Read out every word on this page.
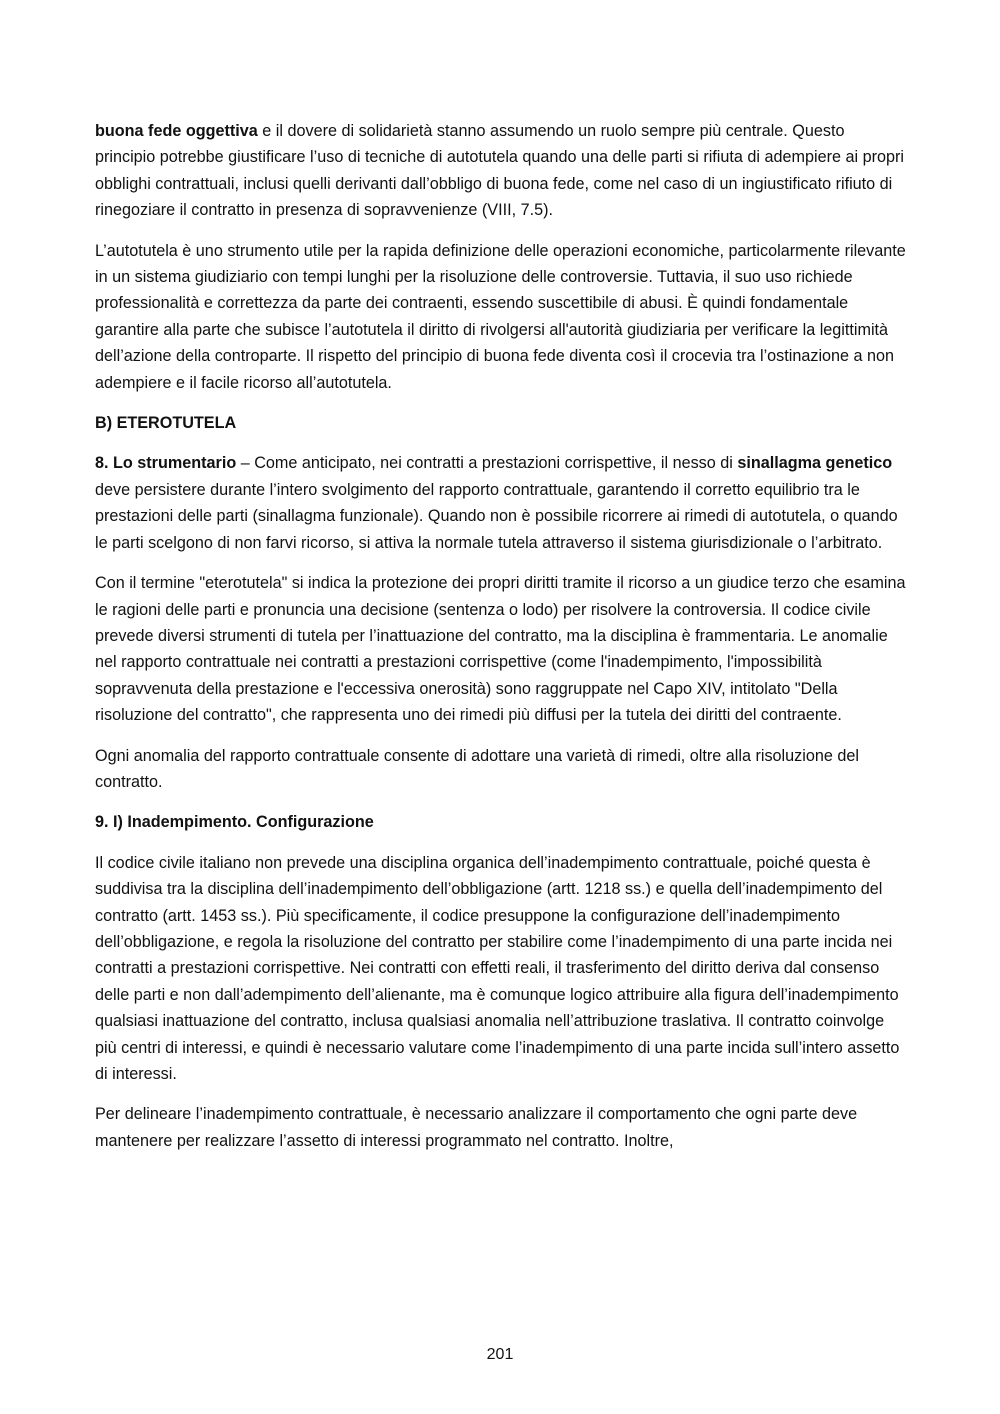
buona fede oggettiva e il dovere di solidarietà stanno assumendo un ruolo sempre più centrale. Questo principio potrebbe giustificare l’uso di tecniche di autotutela quando una delle parti si rifiuta di adempiere ai propri obblighi contrattuali, inclusi quelli derivanti dall’obbligo di buona fede, come nel caso di un ingiustificato rifiuto di rinegoziare il contratto in presenza di sopravvenienze (VIII, 7.5).

L’autotutela è uno strumento utile per la rapida definizione delle operazioni economiche, particolarmente rilevante in un sistema giudiziario con tempi lunghi per la risoluzione delle controversie. Tuttavia, il suo uso richiede professionalità e correttezza da parte dei contraenti, essendo suscettibile di abusi. È quindi fondamentale garantire alla parte che subisce l’autotutela il diritto di rivolgersi all'autorità giudiziaria per verificare la legittimità dell’azione della controparte. Il rispetto del principio di buona fede diventa così il crocevia tra l’ostinazione a non adempiere e il facile ricorso all’autotutela.

B) ETEROTUTELA

8. Lo strumentario – Come anticipato, nei contratti a prestazioni corrispettive, il nesso di sinallagma genetico deve persistere durante l’intero svolgimento del rapporto contrattuale, garantendo il corretto equilibrio tra le prestazioni delle parti (sinallagma funzionale). Quando non è possibile ricorrere ai rimedi di autotutela, o quando le parti scelgono di non farvi ricorso, si attiva la normale tutela attraverso il sistema giurisdizionale o l’arbitrato.

Con il termine "eterotutela" si indica la protezione dei propri diritti tramite il ricorso a un giudice terzo che esamina le ragioni delle parti e pronuncia una decisione (sentenza o lodo) per risolvere la controversia. Il codice civile prevede diversi strumenti di tutela per l’inattuazione del contratto, ma la disciplina è frammentaria. Le anomalie nel rapporto contrattuale nei contratti a prestazioni corrispettive (come l'inadempimento, l'impossibilità sopravvenuta della prestazione e l'eccessiva onerosità) sono raggruppate nel Capo XIV, intitolato "Della risoluzione del contratto", che rappresenta uno dei rimedi più diffusi per la tutela dei diritti del contraente.

Ogni anomalia del rapporto contrattuale consente di adottare una varietà di rimedi, oltre alla risoluzione del contratto.

9. I) Inadempimento. Configurazione

Il codice civile italiano non prevede una disciplina organica dell’inadempimento contrattuale, poiché questa è suddivisa tra la disciplina dell’inadempimento dell’obbligazione (artt. 1218 ss.) e quella dell’inadempimento del contratto (artt. 1453 ss.). Più specificamente, il codice presuppone la configurazione dell’inadempimento dell’obbligazione, e regola la risoluzione del contratto per stabilire come l’inadempimento di una parte incida nei contratti a prestazioni corrispettive. Nei contratti con effetti reali, il trasferimento del diritto deriva dal consenso delle parti e non dall’adempimento dell’alienante, ma è comunque logico attribuire alla figura dell’inadempimento qualsiasi inattuazione del contratto, inclusa qualsiasi anomalia nell’attribuzione traslativa. Il contratto coinvolge più centri di interessi, e quindi è necessario valutare come l’inadempimento di una parte incida sull’intero assetto di interessi.

Per delineare l’inadempimento contrattuale, è necessario analizzare il comportamento che ogni parte deve mantenere per realizzare l’assetto di interessi programmato nel contratto. Inoltre,

201
